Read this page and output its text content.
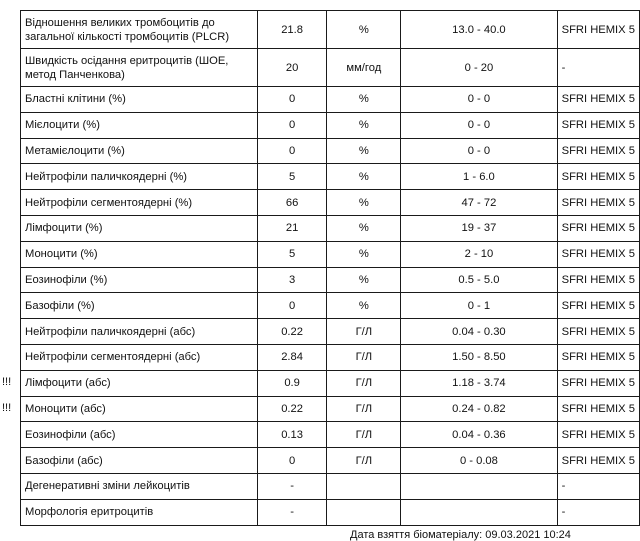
!!!
!!!
Відношення великих тромбоцитів до загальної кількості тромбоцитів (PLCR)	21.8	%	13.0 - 40.0	SFRI HEMIX 5
Швидкість осідання еритроцитів (ШОЕ, метод Панченкова)	20	мм/год	0 - 20	-
Бластні клітини (%)	0	%	0 - 0	SFRI HEMIX 5
Мієлоцити (%)	0	%	0 - 0	SFRI HEMIX 5
Метамієлоцити (%)	0	%	0 - 0	SFRI HEMIX 5
Нейтрофіли паличкоядерні (%)	5	%	1 - 6.0	SFRI HEMIX 5
Нейтрофіли сегментоядерні (%)	66	%	47 - 72	SFRI HEMIX 5
Лімфоцити (%)	21	%	19 - 37	SFRI HEMIX 5
Моноцити (%)	5	%	2 - 10	SFRI HEMIX 5
Еозинофіли (%)	3	%	0.5 - 5.0	SFRI HEMIX 5
Базофіли (%)	0	%	0 - 1	SFRI HEMIX 5
Нейтрофіли паличкоядерні (абс)	0.22	Г/Л	0.04 - 0.30	SFRI HEMIX 5
Нейтрофіли сегментоядерні (абс)	2.84	Г/Л	1.50 - 8.50	SFRI HEMIX 5
Лімфоцити (абс)	0.9	Г/Л	1.18 - 3.74	SFRI HEMIX 5
Моноцити (абс)	0.22	Г/Л	0.24 - 0.82	SFRI HEMIX 5
Еозинофіли (абс)	0.13	Г/Л	0.04 - 0.36	SFRI HEMIX 5
Базофіли (абс)	0	Г/Л	0 - 0.08	SFRI HEMIX 5
Дегенеративні зміни лейкоцитів	-			-
Морфологія еритроцитів	-			-
Дата взяття біоматеріалу: 09.03.2021 10:24
